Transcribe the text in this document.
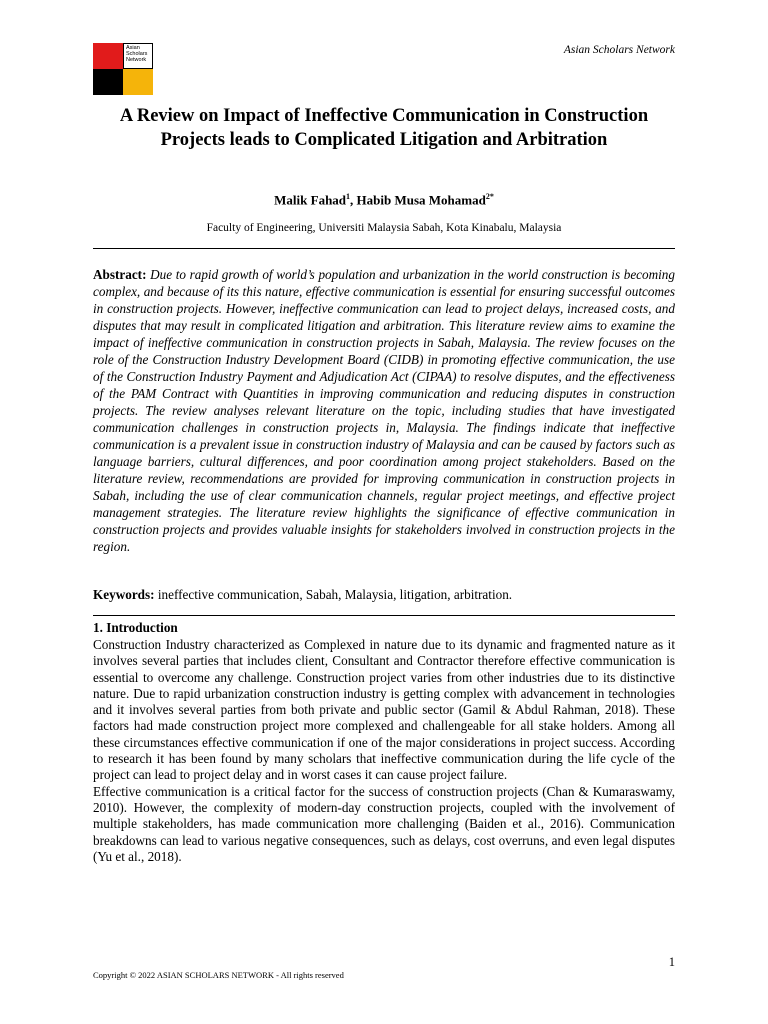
Asian Scholars Network
Asian Scholars Network
A Review on Impact of Ineffective Communication in Construction Projects leads to Complicated Litigation and Arbitration
Malik Fahad$^1$, Habib Musa Mohamad$^{2*}$
Faculty of Engineering, Universiti Malaysia Sabah, Kota Kinabalu, Malaysia
Abstract: Due to rapid growth of world’s population and urbanization in the world construction is becoming complex, and because of its this nature, effective communication is essential for ensuring successful outcomes in construction projects. However, ineffective communication can lead to project delays, increased costs, and disputes that may result in complicated litigation and arbitration. This literature review aims to examine the impact of ineffective communication in construction projects in Sabah, Malaysia. The review focuses on the role of the Construction Industry Development Board (CIDB) in promoting effective communication, the use of the Construction Industry Payment and Adjudication Act (CIPAA) to resolve disputes, and the effectiveness of the PAM Contract with Quantities in improving communication and reducing disputes in construction projects. The review analyses relevant literature on the topic, including studies that have investigated communication challenges in construction projects in, Malaysia. The findings indicate that ineffective communication is a prevalent issue in construction industry of Malaysia and can be caused by factors such as language barriers, cultural differences, and poor coordination among project stakeholders. Based on the literature review, recommendations are provided for improving communication in construction projects in Sabah, including the use of clear communication channels, regular project meetings, and effective project management strategies. The literature review highlights the significance of effective communication in construction projects and provides valuable insights for stakeholders involved in construction projects in the region.
Keywords: ineffective communication, Sabah, Malaysia, litigation, arbitration.
1. Introduction

Construction Industry characterized as Complexed in nature due to its dynamic and fragmented nature as it involves several parties that includes client, Consultant and Contractor therefore effective communication is essential to overcome any challenge. Construction project varies from other industries due to its distinctive nature. Due to rapid urbanization construction industry is getting complex with advancement in technologies and it involves several parties from both private and public sector (Gamil & Abdul Rahman, 2018). These factors had made construction project more complexed and challengeable for all stake holders. Among all these circumstances effective communication if one of the major considerations in project success. According to research it has been found by many scholars that ineffective communication during the life cycle of the project can lead to project delay and in worst cases it can cause project failure.

Effective communication is a critical factor for the success of construction projects (Chan & Kumaraswamy, 2010). However, the complexity of modern-day construction projects, coupled with the involvement of multiple stakeholders, has made communication more challenging (Baiden et al., 2016). Communication breakdowns can lead to various negative consequences, such as delays, cost overruns, and even legal disputes (Yu et al., 2018).

1
Copyright © 2022 ASIAN SCHOLARS NETWORK - All rights reserved
